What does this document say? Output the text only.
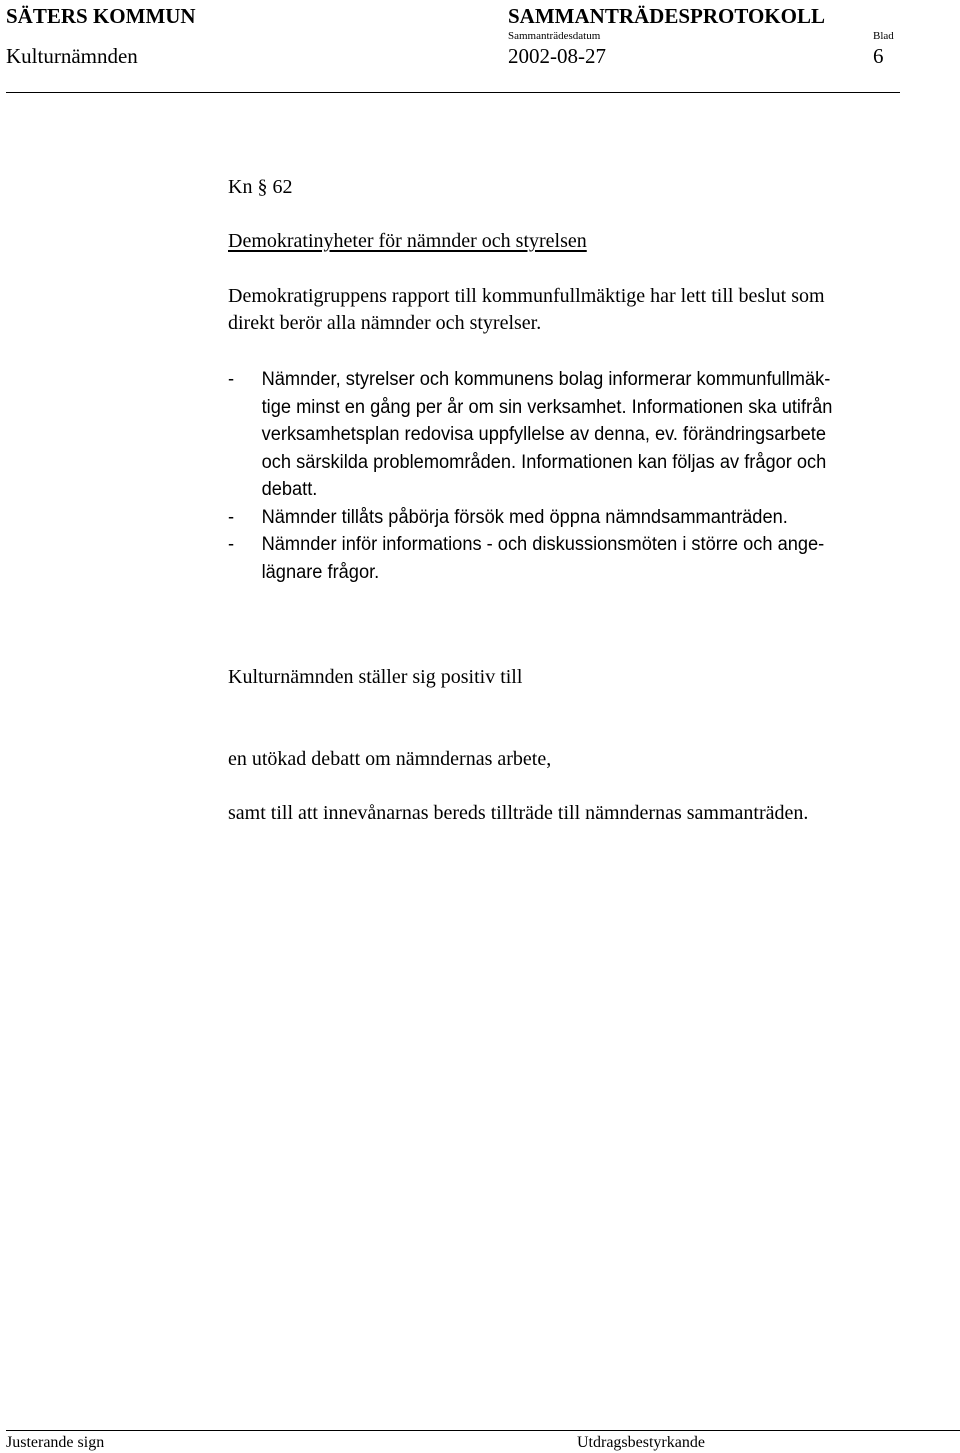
SÄTERS KOMMUN	SAMMANTRÄDESPROTOKOLL
Sammanträdesdatum	Blad
Kulturnämnden	2002-08-27	6
Kn § 62
Demokratinyheter för nämnder och styrelsen
Demokratigruppens rapport till kommunfullmäktige har lett till beslut som
direkt berör alla nämnder och styrelser.
- Nämnder, styrelser och kommunens bolag informerar kommunfullmäk-
tige minst en gång per år om sin verksamhet. Informationen ska utifrån
verksamhetsplan redovisa uppfyllelse av denna, ev. förändringsarbete
och särskilda problemområden. Informationen kan följas av frågor och
debatt.
- Nämnder tillåts påbörja försök med öppna nämndsammanträden.
- Nämnder inför informations - och diskussionsmöten i större och ange-
lägnare frågor.
Kulturnämnden ställer sig positiv till
en utökad debatt om nämndernas arbete,
samt till att innevånarnas bereds tillträde till nämndernas sammanträden.
Justerande sign	Utdragsbestyrkande
